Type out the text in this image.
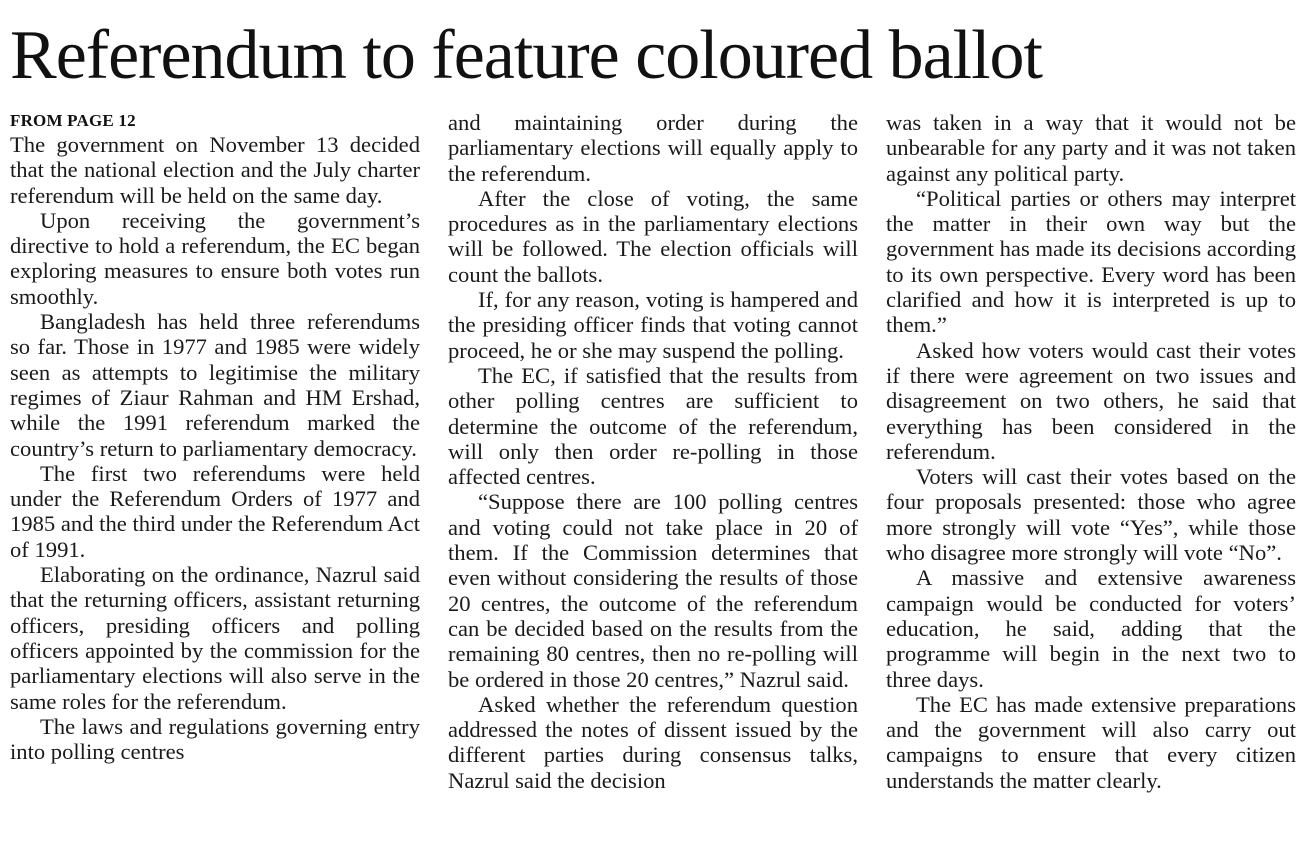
Referendum to feature coloured ballot
FROM PAGE 12

The government on November 13 decided that the national election and the July charter referendum will be held on the same day.

Upon receiving the government’s directive to hold a referendum, the EC began exploring measures to ensure both votes run smoothly.

Bangladesh has held three referendums so far. Those in 1977 and 1985 were widely seen as attempts to legitimise the military regimes of Ziaur Rahman and HM Ershad, while the 1991 referendum marked the country’s return to parliamentary democracy.

The first two referendums were held under the Referendum Orders of 1977 and 1985 and the third under the Referendum Act of 1991.

Elaborating on the ordinance, Nazrul said that the returning officers, assistant returning officers, presiding officers and polling officers appointed by the commission for the parliamentary elections will also serve in the same roles for the referendum.

The laws and regulations governing entry into polling centres

and maintaining order during the parliamentary elections will equally apply to the referendum.

After the close of voting, the same procedures as in the parliamentary elections will be followed. The election officials will count the ballots.

If, for any reason, voting is hampered and the presiding officer finds that voting cannot proceed, he or she may suspend the polling.

The EC, if satisfied that the results from other polling centres are sufficient to determine the outcome of the referendum, will only then order re-polling in those affected centres.

“Suppose there are 100 polling centres and voting could not take place in 20 of them. If the Commission determines that even without considering the results of those 20 centres, the outcome of the referendum can be decided based on the results from the remaining 80 centres, then no re-polling will be ordered in those 20 centres,” Nazrul said.

Asked whether the referendum question addressed the notes of dissent issued by the different parties during consensus talks, Nazrul said the decision

was taken in a way that it would not be unbearable for any party and it was not taken against any political party.

“Political parties or others may interpret the matter in their own way but the government has made its decisions according to its own perspective. Every word has been clarified and how it is interpreted is up to them.”

Asked how voters would cast their votes if there were agreement on two issues and disagreement on two others, he said that everything has been considered in the referendum.

Voters will cast their votes based on the four proposals presented: those who agree more strongly will vote “Yes”, while those who disagree more strongly will vote “No”.

A massive and extensive awareness campaign would be conducted for voters’ education, he said, adding that the programme will begin in the next two to three days.

The EC has made extensive preparations and the government will also carry out campaigns to ensure that every citizen understands the matter clearly.
